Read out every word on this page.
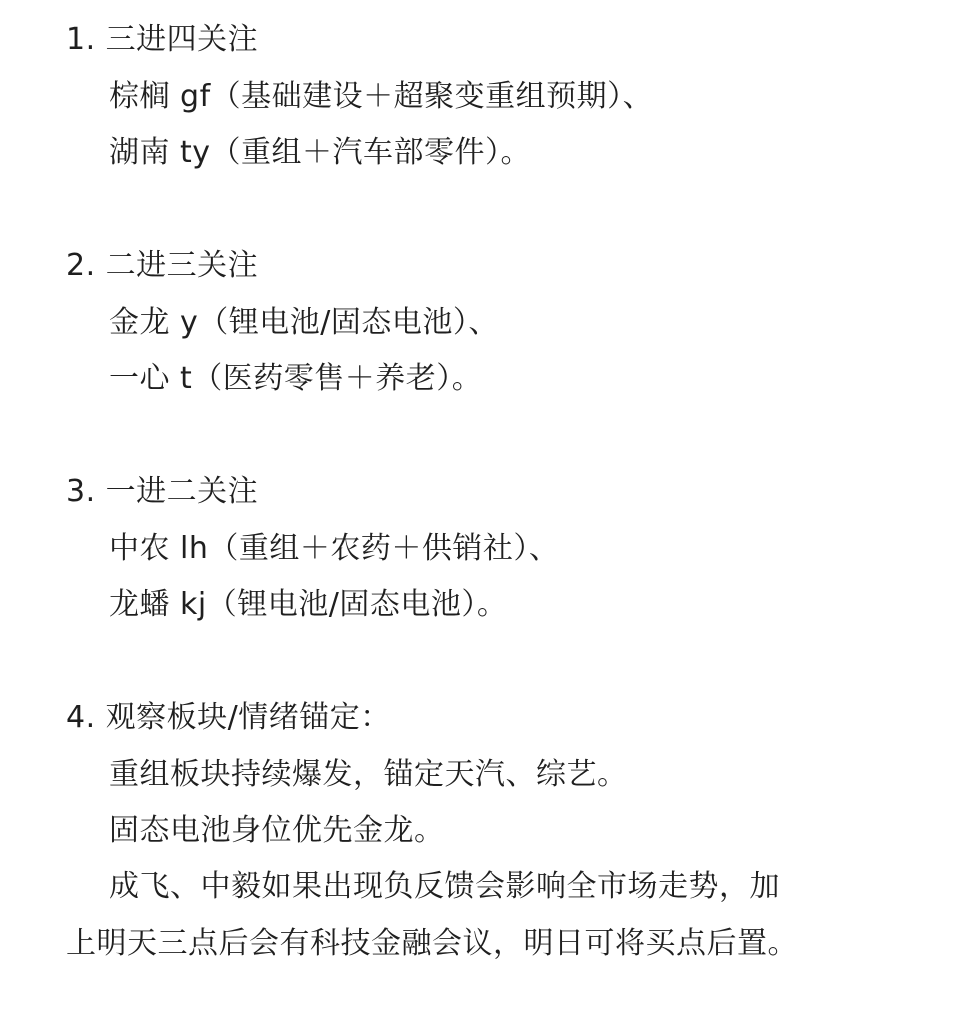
1. 三进四关注
棕榈 gf（基础建设＋超聚变重组预期）、
湖南 ty（重组＋汽车部零件）。
2. 二进三关注
金龙 y（锂电池/固态电池）、
一心 t（医药零售＋养老）。
3. 一进二关注
中农 lh（重组＋农药＋供销社）、
龙蟠 kj（锂电池/固态电池）。
4. 观察板块/情绪锚定：
重组板块持续爆发，锚定天汽、综艺。
固态电池身位优先金龙。
成飞、中毅如果出现负反馈会影响全市场走势，加
上明天三点后会有科技金融会议，明日可将买点后置。
